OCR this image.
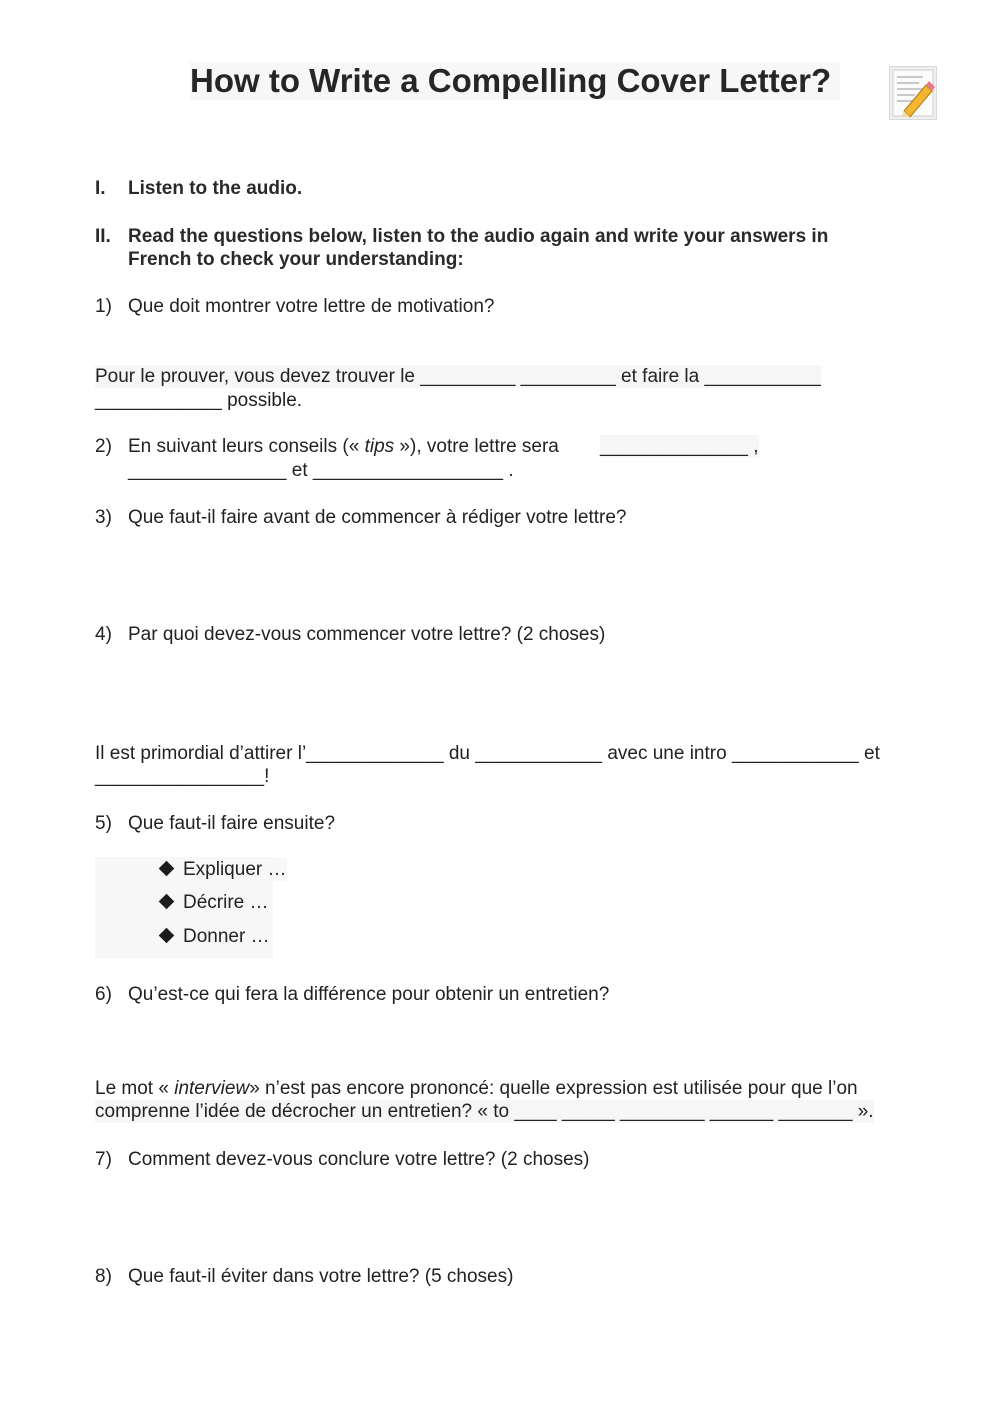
How to Write a Compelling Cover Letter?
I. Listen to the audio.
II. Read the questions below, listen to the audio again and write your answers in French to check your understanding:
1) Que doit montrer votre lettre de motivation?
Pour le prouver, vous devez trouver le _________ _________ et faire la ___________
____________ possible.
2) En suivant leurs conseils (« tips »), votre lettre sera ______________ ,
_______________ et __________________ .
3) Que faut-il faire avant de commencer à rédiger votre lettre?
4) Par quoi devez-vous commencer votre lettre? (2 choses)
Il est primordial d’attirer l’_____________ du ____________ avec une intro ____________ et
________________!
5) Que faut-il faire ensuite?
Expliquer …
Décrire …
Donner …
6) Qu’est-ce qui fera la différence pour obtenir un entretien?
Le mot « interview» n’est pas encore prononcé: quelle expression est utilisée pour que l’on
comprenne l’idée de décrocher un entretien? « to ____ _____ ________ ______ _______ ».
7) Comment devez-vous conclure votre lettre? (2 choses)
8) Que faut-il éviter dans votre lettre? (5 choses)
